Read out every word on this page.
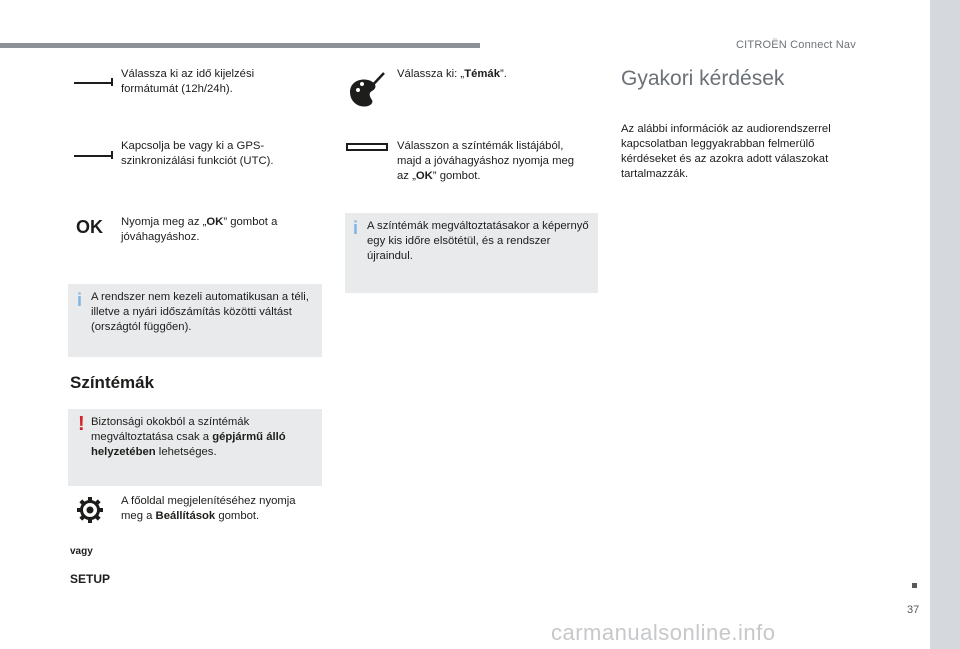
CITROËN Connect Nav
Válassza ki az idő kijelzési formátumát (12h/24h).
Kapcsolja be vagy ki a GPS-szinkronizálási funkciót (UTC).
OK Nyomja meg az „OK” gombot a jóváhagyáshoz.
i A rendszer nem kezeli automatikusan a téli, illetve a nyári időszámítás közötti váltást (országtól függően).
Színtémák
! Biztonsági okokból a színtémák megváltoztatása csak a gépjármű álló helyzetében lehetséges.
A főoldal megjelenítéséhez nyomja meg a Beállítások gombot.
vagy
SETUP
Válassza ki: „Témák”.
Válasszon a színtémák listájából, majd a jóváhagyáshoz nyomja meg az „OK” gombot.
i A színtémák megváltoztatásakor a képernyő egy kis időre elsötétül, és a rendszer újraindul.
Gyakori kérdések
Az alábbi információk az audiorendszerrel kapcsolatban leggyakrabban felmerülő kérdéseket és az azokra adott válaszokat tartalmazzák.
37
carmanualsonline.info
